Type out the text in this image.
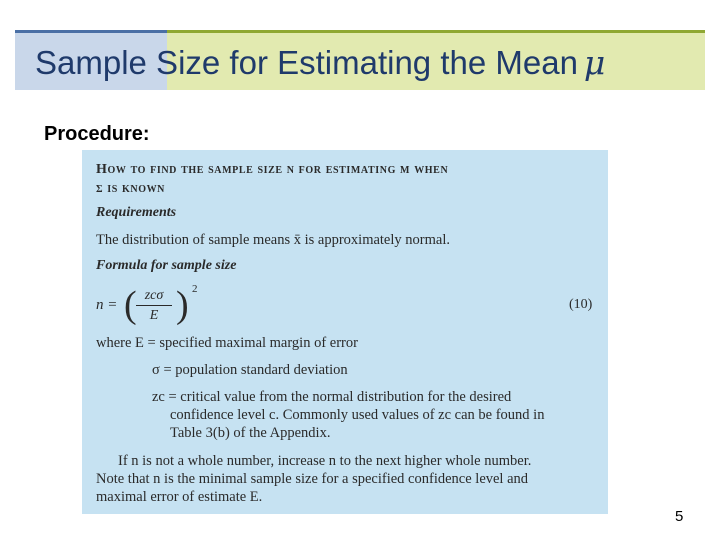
Sample Size for Estimating the Mean μ
Procedure:
How to find the sample size n for estimating μ when
σ is known
Requirements
The distribution of sample means x̄ is approximately normal.
Formula for sample size
n = ( zcσ
E ) 2
(10)
where E = specified maximal margin of error
σ = population standard deviation
zc = critical value from the normal distribution for the desired
confidence level c. Commonly used values of zc can be found in
Table 3(b) of the Appendix.
If n is not a whole number, increase n to the next higher whole number.
Note that n is the minimal sample size for a specified confidence level and
maximal error of estimate E.
5
